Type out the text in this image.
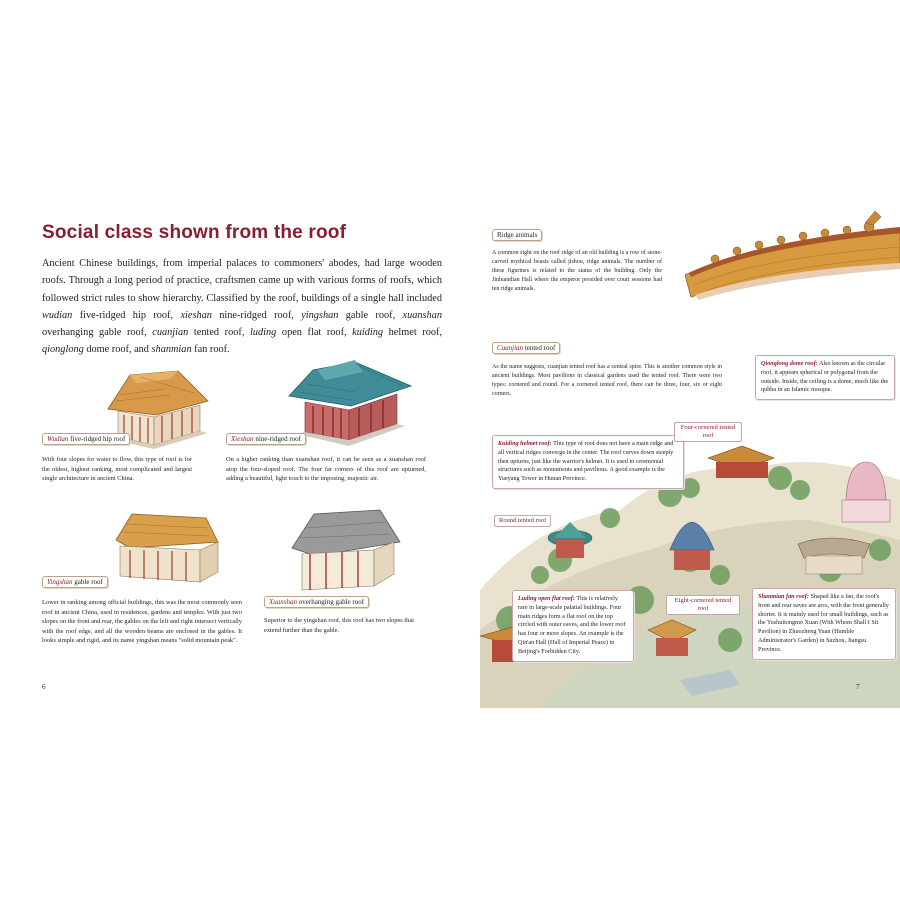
Social class shown from the roof
Ancient Chinese buildings, from imperial palaces to commoners' abodes, had large wooden roofs. Through a long period of practice, craftsmen came up with various forms of roofs, which followed strict rules to show hierarchy. Classified by the roof, buildings of a single hall included wudian five-ridged hip roof, xieshan nine-ridged roof, yingshan gable roof, xuanshan overhanging gable roof, cuanjian tented roof, luding open flat roof, kuiding helmet roof, qionglong dome roof, and shanmian fan roof.
Wudian five-ridged hip roof
With four slopes for water to flow, this type of roof is for the oldest, highest ranking, most complicated and largest single architecture in ancient China.
Xieshan nine-ridged roof
On a higher ranking than xuanshan roof, it can be seen as a xuanshan roof atop the four-sloped roof. The four far corners of this roof are upturned, adding a beautiful, light touch to the imposing, majestic air.
Yingshan gable roof
Lower in ranking among official buildings, this was the most commonly seen roof in ancient China, used in residences, gardens and temples. With just two slopes on the front and rear, the gables on the left and right intersect vertically with the roof edge, and all the wooden beams are enclosed in the gables. It looks simple and rigid, and its name yingshan means "solid mountain peak".
Xuanshan overhanging gable roof
Superior to the yingshan roof, this roof has two slopes that extend further than the gable.
6
Ridge animals
A common sight on the roof ridge of an old building is a row of stone-carved mythical beasts called jishou, ridge animals. The number of these figurines is related to the status of the building. Only the Jinluandian Hall where the emperor presided over court sessions had ten ridge animals.
Cuanjian tented roof
As the name suggests, cuanjian tented roof has a central spire. This is another common style in ancient buildings. Most pavilions in classical gardens used the tented roof. There were two types: cornered and round. For a cornered tented roof, there can be three, four, six or eight corners.
Qionglong dome roof: Also known as the circular roof, it appears spherical or polygonal from the outside. Inside, the ceiling is a dome, much like the qubba in an Islamic mosque.
Kuiding helmet roof: This type of roof does not have a main ridge and all vertical ridges converge in the center. The roof curves down steeply then upturns, just like the warrior's helmet. It is used in ceremonial structures such as monuments and pavilions. A good example is the Yueyang Tower in Hunan Province.
Luding open flat roof: This is relatively rare in large-scale palatial buildings. Four main ridges form a flat roof on the top circled with outer eaves, and the lower roof has four or more slopes. An example is the Qin'an Hall (Hall of Imperial Peace) in Beijing's Forbidden City.
Shanmian fan roof: Shaped like a fan, the roof's front and rear eaves are arcs, with the front generally shorter. It is mainly used for small buildings, such as the Yushuitongmo Xuan (With Whom Shall I Sit Pavilion) in Zhuozheng Yuan (Humble Administrator's Garden) in Suzhou, Jiangsu Province.
Four-cornered tented roof
Round tented roof
Eight-cornered tented roof
7
